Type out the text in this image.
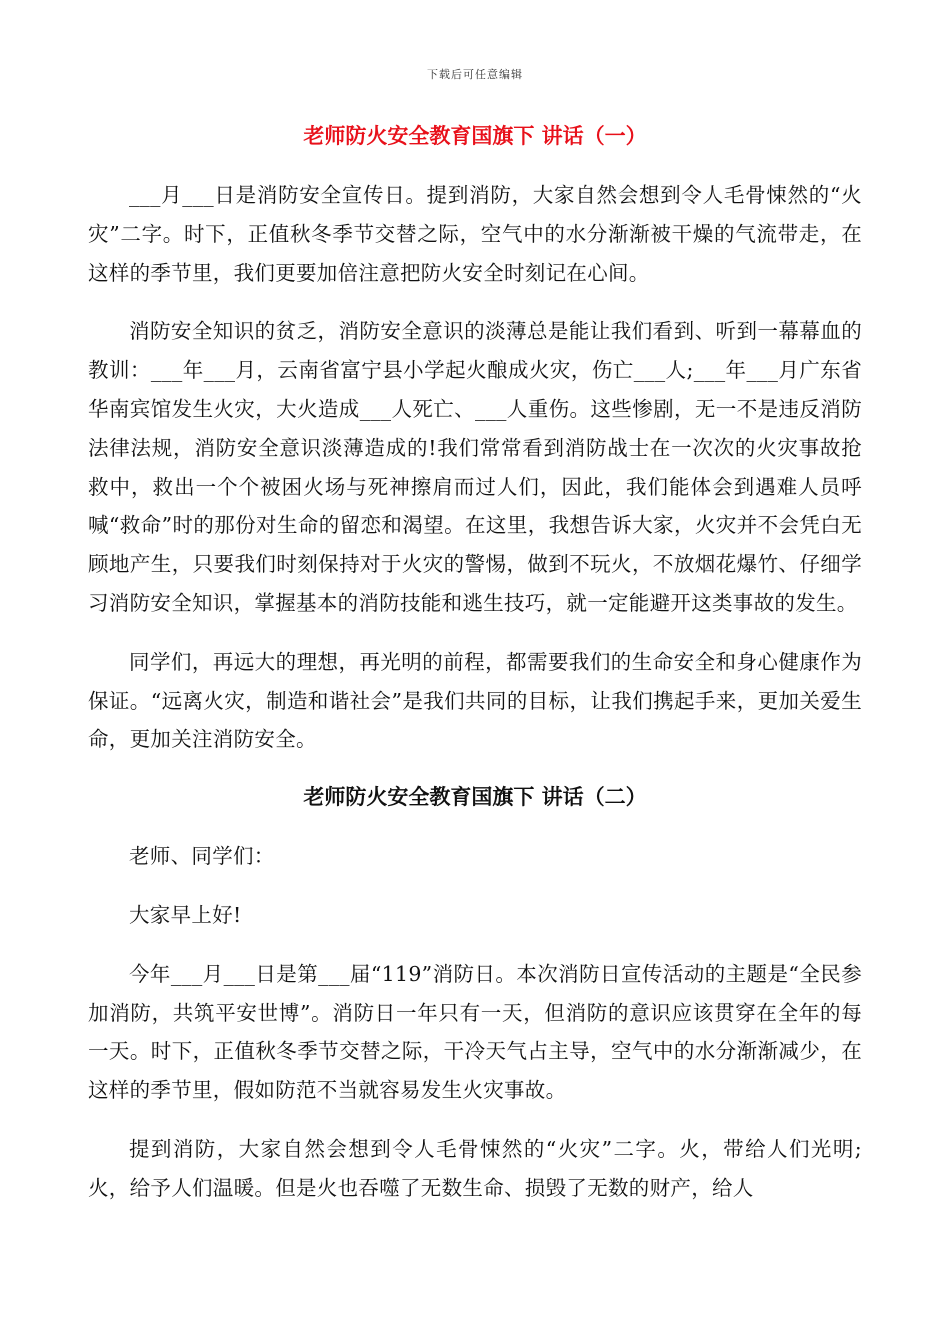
下载后可任意编辑
老师防火安全教育国旗下 讲话（一）

___月___日是消防安全宣传日。提到消防，大家自然会想到令人毛骨悚然的“火灾”二字。时下，正值秋冬季节交替之际，空气中的水分渐渐被干燥的气流带走，在这样的季节里，我们更要加倍注意把防火安全时刻记在心间。

消防安全知识的贫乏，消防安全意识的淡薄总是能让我们看到、听到一幕幕血的教训：___年___月，云南省富宁县小学起火酿成火灾，伤亡___人;___年___月广东省华南宾馆发生火灾，大火造成___人死亡、___人重伤。这些惨剧，无一不是违反消防法律法规，消防安全意识淡薄造成的!我们常常看到消防战士在一次次的火灾事故抢救中，救出一个个被困火场与死神擦肩而过人们，因此，我们能体会到遇难人员呼喊“救命”时的那份对生命的留恋和渴望。在这里，我想告诉大家，火灾并不会凭白无顾地产生，只要我们时刻保持对于火灾的警惕，做到不玩火，不放烟花爆竹、仔细学习消防安全知识，掌握基本的消防技能和逃生技巧，就一定能避开这类事故的发生。

同学们，再远大的理想，再光明的前程，都需要我们的生命安全和身心健康作为保证。“远离火灾，制造和谐社会”是我们共同的目标，让我们携起手来，更加关爱生命，更加关注消防安全。

老师防火安全教育国旗下 讲话（二）

老师、同学们：

大家早上好!

今年___月___日是第___届“119”消防日。本次消防日宣传活动的主题是“全民参加消防，共筑平安世博”。消防日一年只有一天，但消防的意识应该贯穿在全年的每一天。时下，正值秋冬季节交替之际，干冷天气占主导，空气中的水分渐渐减少，在这样的季节里，假如防范不当就容易发生火灾事故。

提到消防，大家自然会想到令人毛骨悚然的“火灾”二字。火，带给人们光明;火，给予人们温暖。但是火也吞噬了无数生命、损毁了无数的财产，给人
